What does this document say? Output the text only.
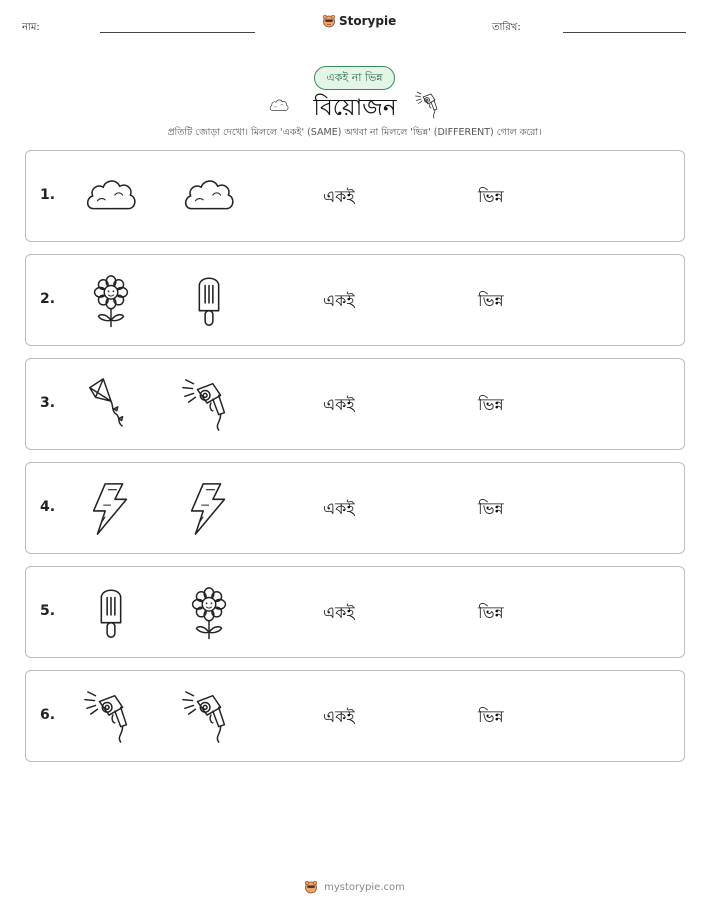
নাম:	Storypie	তারিখ:
একই না ভিন্ন
বিয়োজন
প্রতিটি জোড়া দেখো। মিললে 'একই' (SAME) অথবা না মিললে 'ভিন্ন' (DIFFERENT) গোল করো।
1.	একই	ভিন্ন
2.	একই	ভিন্ন
3.	একই	ভিন্ন
4.	একই	ভিন্ন
5.	একই	ভিন্ন
6.	একই	ভিন্ন
mystorypie.com
